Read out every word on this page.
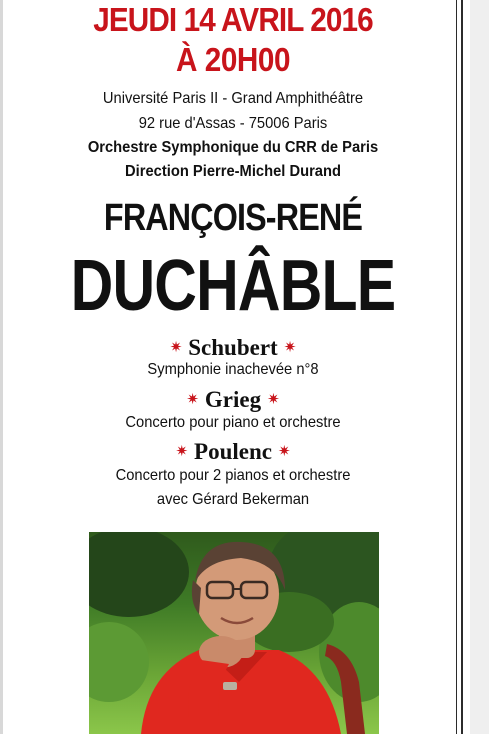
JEUDI 14 AVRIL 2016
À 20H00
Université Paris II - Grand Amphithéâtre
92 rue d'Assas - 75006 Paris
Orchestre Symphonique du CRR de Paris
Direction Pierre-Michel Durand
FRANÇOIS-RENÉ
DUCHÂBLE
✷ Schubert ✷
Symphonie inachevée n°8
✷ Grieg ✷
Concerto pour piano et orchestre
✷ Poulenc ✷
Concerto pour 2 pianos et orchestre
avec Gérard Bekerman
